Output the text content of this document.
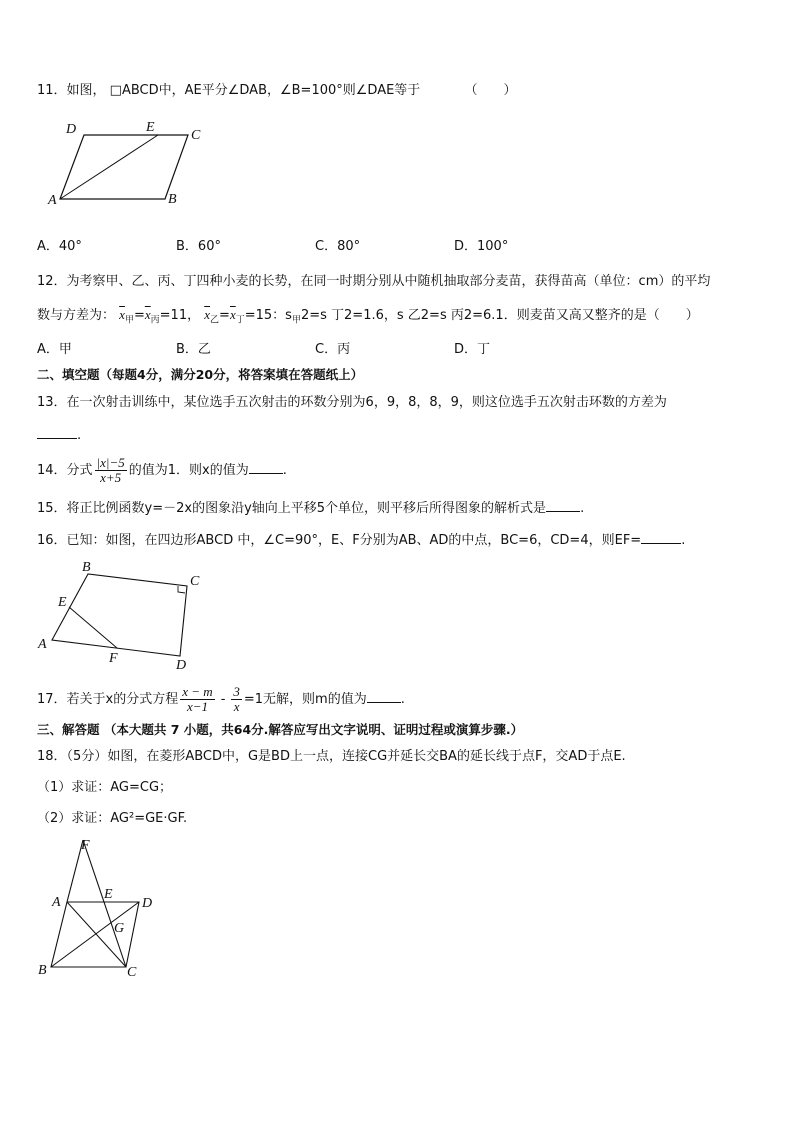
11．如图， □ABCD中，AE平分∠DAB，∠B=100°则∠DAE等于	（　　）
D	E
C
A	B
A．40°	B．60°	C．80°	D．100°
12．为考察甲、乙、丙、丁四种小麦的长势，在同一时期分别从中随机抽取部分麦苗，获得苗高（单位：cm）的平均
数与方差为： $\overline{x}_甲=\overline{x}_丙=11$， $\overline{x}_乙=\overline{x}_丁=15$：$s_甲2=s$ 丁2=1.6，s 乙2=s 丙2=6.1．则麦苗又高又整齐的是（　　）
A．甲	B．乙	C．丙	D．丁
二、填空题（每题4分，满分20分，将答案填在答题纸上）
13．在一次射击训练中，某位选手五次射击的环数分别为6，9，8，8，9，则这位选手五次射击环数的方差为
.
14．分式 $\frac{|x|-5}{x+5}$ 的值为1．则x的值为	.
15．将正比例函数y=－2x的图象沿y轴向上平移5个单位，则平移后所得图象的解析式是	.
16．已知：如图，在四边形ABCD 中，∠C=90°，E、F分别为AB、AD的中点，BC=6，CD=4，则EF=	.
B
C
E
A
F	D
17．若关于x的分式方程 $\frac{x - m}{x-1} - \frac{3}{x} =1$无解，则m的值为	.
三、解答题 （本大题共 7 小题，共64分.解答应写出文字说明、证明过程或演算步骤.）
18．（5分）如图，在菱形ABCD中，G是BD上一点，连接CG并延长交BA的延长线于点F，交AD于点E.
（1）求证：AG=CG；
（2）求证：AG²=GE·GF.
F
A
E
D
G
B	C
